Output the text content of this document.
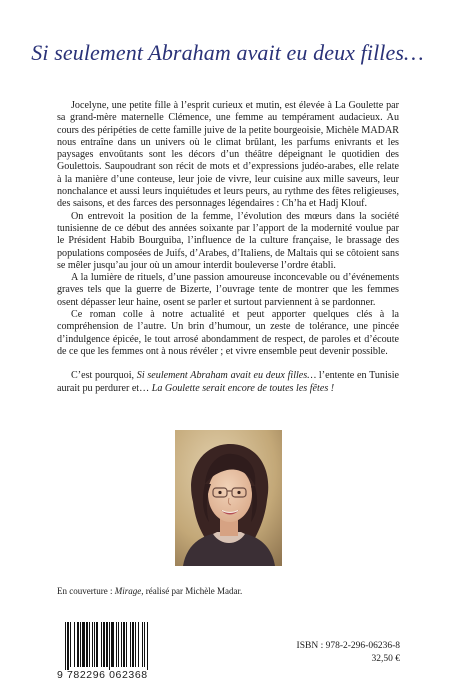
Si seulement Abraham avait eu deux filles…

Jocelyne, une petite fille à l’esprit curieux et mutin, est élevée à La Goulette par sa grand-mère maternelle Clémence, une femme au tempérament audacieux. Au cours des péripéties de cette famille juive de la petite bourgeoisie, Michèle MADAR nous entraîne dans un univers où le climat brûlant, les parfums enivrants et les paysages envoûtants sont les décors d’un théâtre dépeignant le quotidien des Goulettois. Saupoudrant son récit de mots et d’expressions judéo-arabes, elle relate à la manière d’une conteuse, leur joie de vivre, leur cuisine aux mille saveurs, leur nonchalance et aussi leurs inquiétudes et leurs peurs, au rythme des fêtes religieuses, des saisons, et des farces des personnages légendaires : Ch’ha et Hadj Klouf.

On entrevoit la position de la femme, l’évolution des mœurs dans la société tunisienne de ce début des années soixante par l’apport de la modernité voulue par le Président Habib Bourguiba, l’influence de la culture française, le brassage des populations composées de Juifs, d’Arabes, d’Italiens, de Maltais qui se côtoient sans se mêler jusqu’au jour où un amour interdit bouleverse l’ordre établi.

A la lumière de rituels, d’une passion amoureuse inconcevable ou d’événements graves tels que la guerre de Bizerte, l’ouvrage tente de montrer que les femmes osent dépasser leur haine, osent se parler et surtout parviennent à se pardonner.

Ce roman colle à notre actualité et peut apporter quelques clés à la compréhension de l’autre. Un brin d’humour, un zeste de tolérance, une pincée d’indulgence épicée, le tout arrosé abondamment de respect, de paroles et d’écoute de ce que les femmes ont à nous révéler ; et vivre ensemble peut devenir possible.

C’est pourquoi, Si seulement Abraham avait eu deux filles… l’entente en Tunisie aurait pu perdurer et… La Goulette serait encore de toutes les fêtes !

En couverture : Mirage, réalisé par Michèle Madar.
9 782296 062368
ISBN : 978-2-296-06236-8
32,50 €
